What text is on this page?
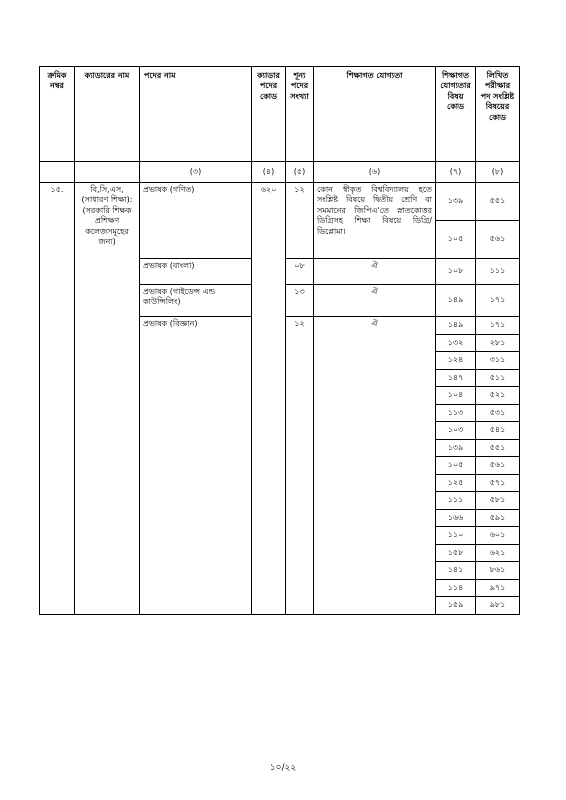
ক্রমিক নম্বর	ক্যাডারের নাম	পদের নাম	ক্যাডার পদের কোড	শূন্য পদের সংখ্যা	শিক্ষাগত যোগ্যতা	শিক্ষাগত যোগ্যতার বিষয় কোড	লিখিত পরীক্ষার পদ সংশ্লিষ্ট বিষয়ের কোড
		(৩)	(৪)	(৫)	(৬)	(৭)	(৮)
১৫.	বি,সি,এস, (সাধারণ শিক্ষা): (সরকারি শিক্ষক প্রশিক্ষণ কলেজসমূহের জন্য)	প্রভাষক (গণিত)	৬২০	১২	কোন স্বীকৃত বিশ্ববিদ্যালয় হতে সংশ্লিষ্ট বিষয়ে দ্বিতীয় শ্রেণি বা সমমানের জিপিএ'তে স্নাতকোত্তর ডিগ্রিসহ শিক্ষা বিষয়ে ডিগ্রি/ডিপ্লোমা।	১৩৯	৫৫১
						১০৫	৫৬১
		প্রভাষক (বাংলা)		০৮	ঐ	১০৮	১১১
		প্রভাষক (গাইডেন্স এন্ড কাউন্সিলিং)		১৩	ঐ	১৪৯	১৭১
		প্রভাষক (বিজ্ঞান)		১২	ঐ	১৪৯	১৭১
						১৩২	২৮১
						১২৪	৩১১
						১৪৭	৫১১
						১০৪	৫২১
						১১৩	৫৩১
						১০৩	৫৪১
						১৩৯	৫৫১
						১০৫	৫৬১
						১২৫	৫৭১
						১১১	৫৮১
						১৬৬	৫৯১
						১১০	৬০১
						১৫৮	৬২১
						১৪১	৮৬১
						১১৪	৯৭১
						১৫৯	৯৮১
১০/২২
